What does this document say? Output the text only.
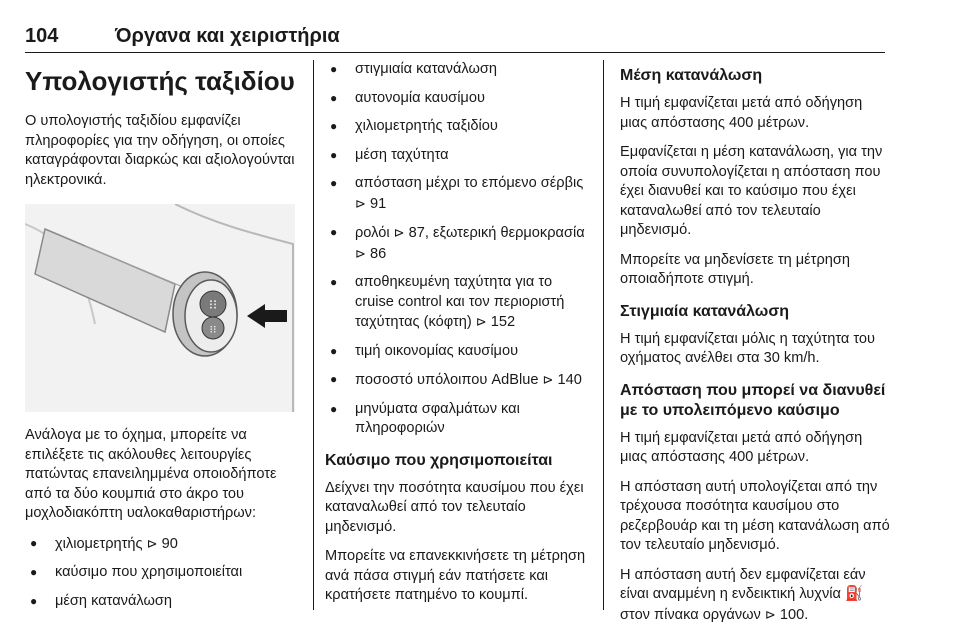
104	Όργανα και χειριστήρια
Υπολογιστής ταξιδίου

Ο υπολογιστής ταξιδίου εμφανίζει πληροφορίες για την οδήγηση, οι οποίες καταγράφονται διαρκώς και αξιολογούνται ηλεκτρονικά.

⁝⁝
⁝⁝

Ανάλογα με το όχημα, μπορείτε να επιλέξετε τις ακόλουθες λειτουργίες πατώντας επανειλημμένα οποιοδήποτε από τα δύο κουμπιά στο άκρο του μοχλοδιακόπτη υαλοκαθαριστήρων:

● χιλιομετρητής ⊳ 90
● καύσιμο που χρησιμοποιείται
● μέση κατανάλωση
● στιγμιαία κατανάλωση
● αυτονομία καυσίμου
● χιλιομετρητής ταξιδίου
● μέση ταχύτητα
● απόσταση μέχρι το επόμενο σέρβις ⊳ 91
● ρολόι ⊳ 87, εξωτερική θερμοκρασία ⊳ 86
● αποθηκευμένη ταχύτητα για το cruise control και τον περιοριστή ταχύτητας (κόφτη) ⊳ 152
● τιμή οικονομίας καυσίμου
● ποσοστό υπόλοιπου AdBlue ⊳ 140
● μηνύματα σφαλμάτων και πληροφοριών
Καύσιμο που χρησιμοποιείται

Δείχνει την ποσότητα καυσίμου που έχει καταναλωθεί από τον τελευταίο μηδενισμό.

Μπορείτε να επανεκκινήσετε τη μέτρηση ανά πάσα στιγμή εάν πατήσετε και κρατήσετε πατημένο το κουμπί.

Μέση κατανάλωση

Η τιμή εμφανίζεται μετά από οδήγηση μιας απόστασης 400 μέτρων.

Εμφανίζεται η μέση κατανάλωση, για την οποία συνυπολογίζεται η απόσταση που έχει διανυθεί και το καύσιμο που έχει καταναλωθεί από τον τελευταίο μηδενισμό.

Μπορείτε να μηδενίσετε τη μέτρηση οποιαδήποτε στιγμή.

Στιγμιαία κατανάλωση

Η τιμή εμφανίζεται μόλις η ταχύτητα του οχήματος ανέλθει στα 30 km/h.

Απόσταση που μπορεί να διανυθεί με το υπολειπόμενο καύσιμο

Η τιμή εμφανίζεται μετά από οδήγηση μιας απόστασης 400 μέτρων.

Η απόσταση αυτή υπολογίζεται από την τρέχουσα ποσότητα καυσίμου στο ρεζερβουάρ και τη μέση κατανάλωση από τον τελευταίο μηδενισμό.

Η απόσταση αυτή δεν εμφανίζεται εάν είναι αναμμένη η ενδεικτική λυχνία ⛽ στον πίνακα οργάνων ⊳ 100.
